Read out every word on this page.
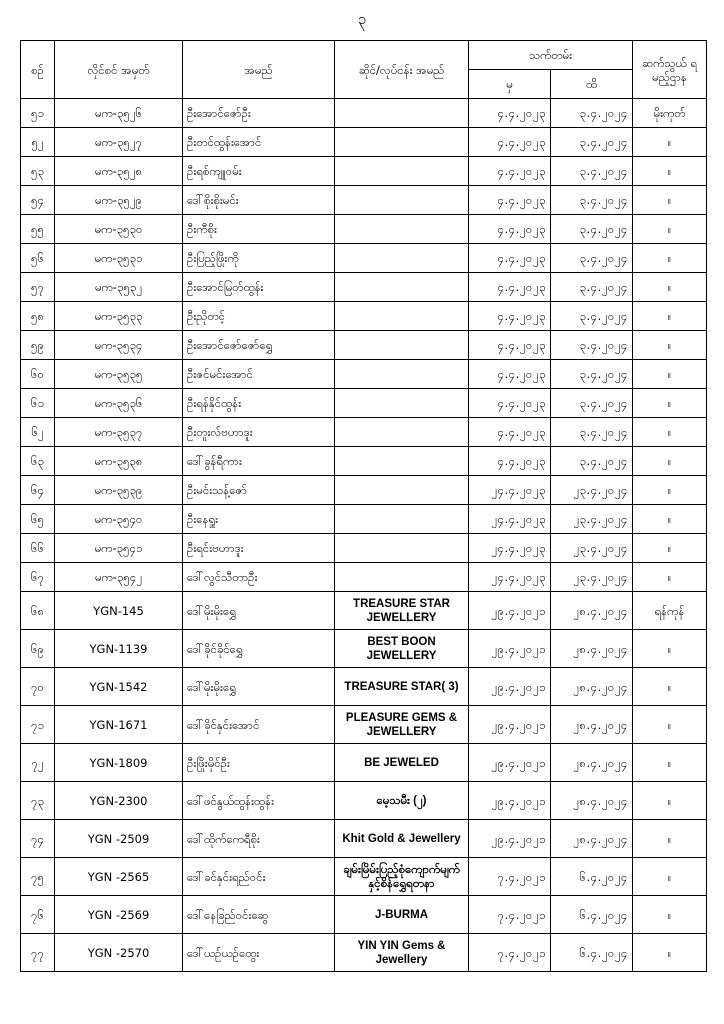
၃
စဉ်	လိုင်စင် အမှတ်	အမည်	ဆိုင်/လုပ်ငန်း အမည်	သက်တမ်း		ဆက်သွယ် ရမည့်ဌာန
				မှ	ထိ	
၅၁	မက-၃၅၂၆	ဦးအောင်ဇော်ဦး		၄.၄.၂၀၂၃	၃.၄.၂၀၂၄	မိုးကုတ်
၅၂	မက-၃၅၂၇	ဦးတင်ထွန်းအောင်		၄.၄.၂၀၂၃	၃.၄.၂၀၂၄	။
၅၃	မက-၃၅၂၈	ဦးရစ်ကျူဝမ်း		၄.၄.၂၀၂၃	၃.၄.၂၀၂၄	။
၅၄	မက-၃၅၂၉	ဒေါ်စိုးစိုးမင်း		၄.၄.၂၀၂၃	၃.၄.၂၀၂၄	။
၅၅	မက-၃၅၃၀	ဦးကီစိုး		၄.၄.၂၀၂၃	၃.၄.၂၀၂၄	။
၅၆	မက-၃၅၃၁	ဦးပြည့်ဖြိုးကို		၄.၄.၂၀၂၃	၃.၄.၂၀၂၄	။
၅၇	မက-၃၅၃၂	ဦးအောင်မြတ်ထွန်း		၄.၄.၂၀၂၃	၃.၄.၂၀၂၄	။
၅၈	မက-၃၅၃၃	ဦးညိုတင့်		၄.၄.၂၀၂၃	၃.၄.၂၀၂၄	။
၅၉	မက-၃၅၃၄	ဦးအောင်ဇော်ဇော်ရွှေ		၄.၄.၂၀၂၃	၃.၄.၂၀၂၄	။
၆၀	မက-၃၅၃၅	ဦးဇင်မင်းအောင်		၄.၄.၂၀၂၃	၃.၄.၂၀၂၄	။
၆၁	မက-၃၅၃၆	ဦးရန်နိုင်ထွန်း		၄.၄.၂၀၂၃	၃.၄.၂၀၂၄	။
၆၂	မက-၃၅၃၇	ဦးတူးလ်ဗဟာဒူး		၄.၄.၂၀၂၃	၃.၄.၂၀၂၄	။
၆၃	မက-၃၅၃၈	ဒေါ်ခွန်ရီကား		၄.၄.၂၀၂၃	၃.၄.၂၀၂၄	။
၆၄	မက-၃၅၃၉	ဦးမင်းသန့်ဇော်		၂၄.၄.၂၀၂၃	၂၃.၄.၂၀၂၄	။
၆၅	မက-၃၅၄၀	ဦးနေရှူး		၂၄.၄.၂၀၂၃	၂၃.၄.၂၀၂၄	။
၆၆	မက-၃၅၄၁	ဦးရင်းဗဟာဒူး		၂၄.၄.၂၀၂၃	၂၃.၄.၂၀၂၄	။
၆၇	မက-၃၅၄၂	ဒေါ်လွင်သီတာဦး		၂၄.၄.၂၀၂၃	၂၃.၄.၂၀၂၄	။
၆၈	YGN-145	ဒေါ်မိုးမိုးရွှေ	TREASURE STAR JEWELLERY	၂၉.၄.၂၀၂၁	၂၈.၄.၂၀၂၄	ရန်ကုန်
၆၉	YGN-1139	ဒေါ်ခိုင်ခိုင်ရွှေ	BEST BOON JEWELLERY	၂၉.၄.၂၀၂၁	၂၈.၄.၂၀၂၄	။
၇၀	YGN-1542	ဒေါ်မိုးမိုးရွှေ	TREASURE STAR( 3)	၂၉.၄.၂၀၂၁	၂၈.၄.၂၀၂၄	။
၇၁	YGN-1671	ဒေါ်ခိုင်နှင်းအောင်	PLEASURE GEMS & JEWELLERY	၂၉.၄.၂၀၂၁	၂၈.၄.၂၀၂၄	။
၇၂	YGN-1809	ဦးဖြိုးမိုင်ဦး	BE JEWELED	၂၉.၄.၂၀၂၁	၂၈.၄.၂၀၂၄	။
၇၃	YGN-2300	ဒေါ်ဖင်နွယ်ထွန်းထွန်း	မေ့သမီး (၂)	၂၉.၄.၂၀၂၁	၂၈.၄.၂၀၂၄	။
၇၄	YGN -2509	ဒေါ်ထိုက်ကေရီစိုး	Khit Gold & Jewellery	၂၉.၄.၂၀၂၁	၂၈.၄.၂၀၂၄	။
၇၅	YGN -2565	ဒေါ်ခင်နှင်းရည်ဝင်း	ချမ်းမြိမ်းပြည့်စုံကျောက်မျက်နှင့်စိန်ရွှေရတနာ	၇.၄.၂၀၂၁	၆.၄.၂၀၂၄	။
၇၆	YGN -2569	ဒေါ်နေခြည်ဝင်းဆွေ	J-BURMA	၇.၄.၂၀၂၁	၆.၄.၂၀၂၄	။
၇၇	YGN -2570	ဒေါ်ယဉ်ယဉ်ထွေး	YIN YIN Gems & Jewellery	၇.၄.၂၀၂၁	၆.၄.၂၀၂၄	။
